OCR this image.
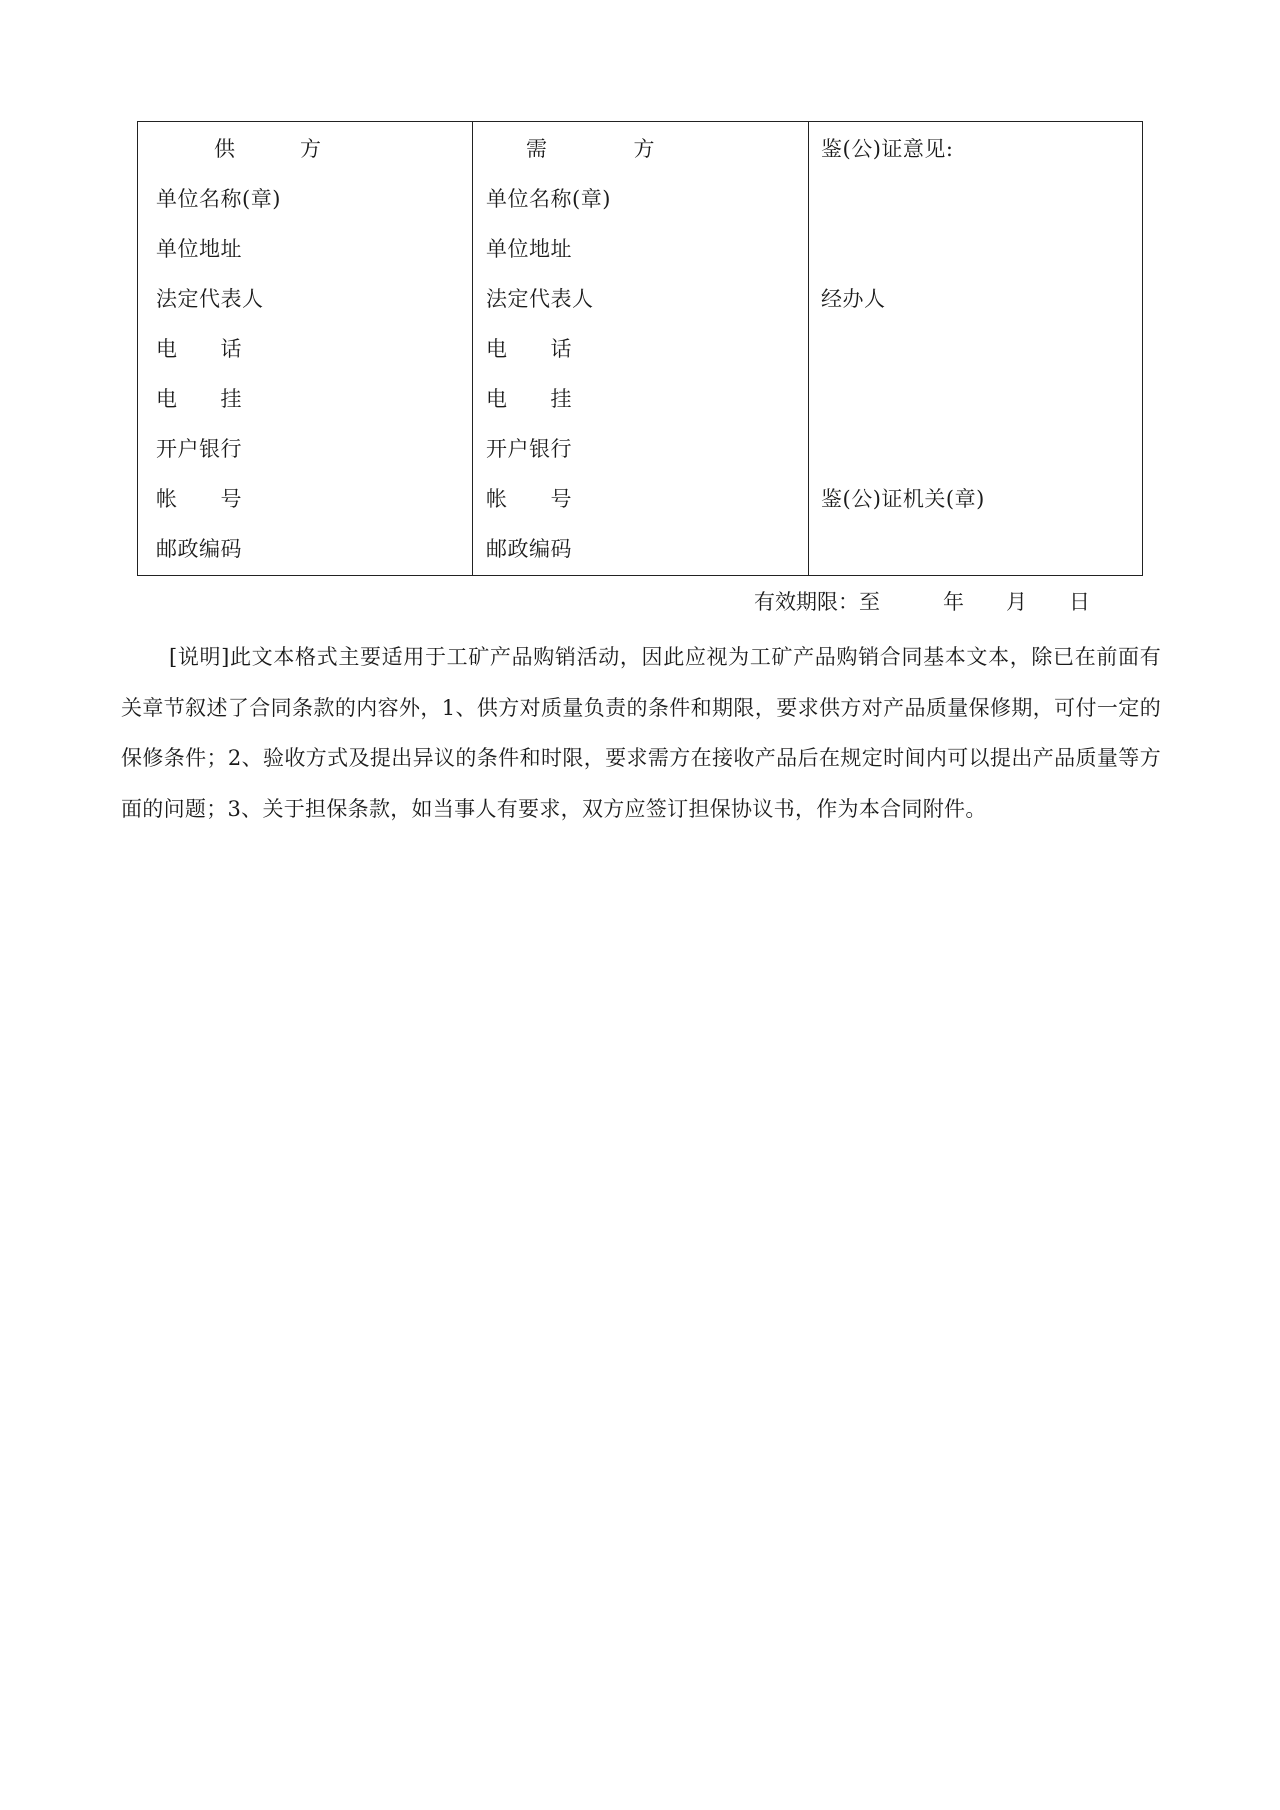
供　　　方
单位名称(章)
单位地址
法定代表人
电　　话
电　　挂
开户银行
帐　　号
邮政编码
需　　　　方
单位名称(章)
单位地址
法定代表人
电　　话
电　　挂
开户银行
帐　　号
邮政编码
鉴(公)证意见:
经办人
鉴(公)证机关(章)
有效期限：至　　　年　　月　　日
[说明]此文本格式主要适用于工矿产品购销活动，因此应视为工矿产品购销合同基本文本，除已在前面有关章节叙述了合同条款的内容外，1、供方对质量负责的条件和期限，要求供方对产品质量保修期，可付一定的保修条件；2、验收方式及提出异议的条件和时限，要求需方在接收产品后在规定时间内可以提出产品质量等方面的问题；3、关于担保条款，如当事人有要求，双方应签订担保协议书，作为本合同附件。
